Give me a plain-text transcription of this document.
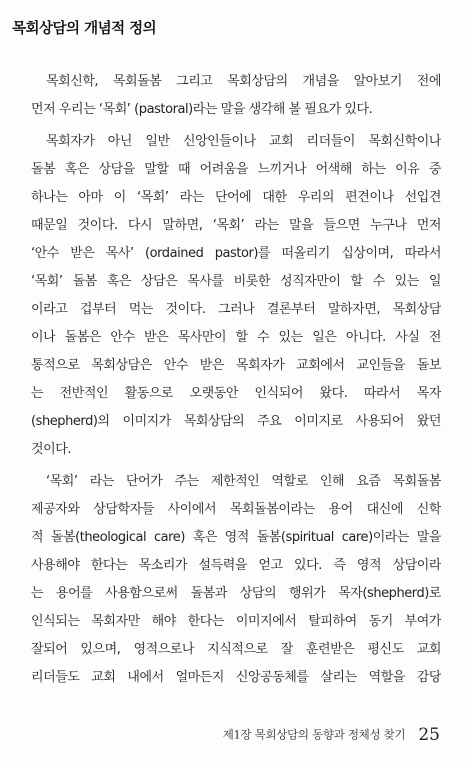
목회상담의 개념적 정의
목회신학, 목회돌봄 그리고 목회상담의 개념을 알아보기 전에
먼저 우리는 ‘목회’ (pastoral)라는 말을 생각해 볼 필요가 있다.
목회자가 아닌 일반 신앙인들이나 교회 리더들이 목회신학이나
돌봄 혹은 상담을 말할 때 어려움을 느끼거나 어색해 하는 이유 중
하나는 아마 이 ‘목회’ 라는 단어에 대한 우리의 편견이나 선입견
때문일 것이다. 다시 말하면, ‘목회’ 라는 말을 들으면 누구나 먼저
‘안수 받은 목사’ (ordained pastor)를 떠올리기 십상이며, 따라서
‘목회’ 돌봄 혹은 상담은 목사를 비롯한 성직자만이 할 수 있는 일
이라고 겁부터 먹는 것이다. 그러나 결론부터 말하자면, 목회상담
이나 돌봄은 안수 받은 목사만이 할 수 있는 일은 아니다. 사실 전
통적으로 목회상담은 안수 받은 목회자가 교회에서 교인들을 돌보
는 전반적인 활동으로 오랫동안 인식되어 왔다. 따라서 목자
(shepherd)의 이미지가 목회상담의 주요 이미지로 사용되어 왔던
것이다.
‘목회’ 라는 단어가 주는 제한적인 역할로 인해 요즘 목회돌봄
제공자와 상담학자들 사이에서 목회돌봄이라는 용어 대신에 신학
적 돌봄(theological care) 혹은 영적 돌봄(spiritual care)이라는 말을
사용해야 한다는 목소리가 설득력을 얻고 있다. 즉 영적 상담이라
는 용어를 사용함으로써 돌봄과 상담의 행위가 목자(shepherd)로
인식되는 목회자만 해야 한다는 이미지에서 탈피하여 동기 부여가
잘되어 있으며, 영적으로나 지식적으로 잘 훈련받은 평신도 교회
리더들도 교회 내에서 얼마든지 신앙공동체를 살리는 역할을 감당
제1장 목회상담의 동향과 정체성 찾기 25
